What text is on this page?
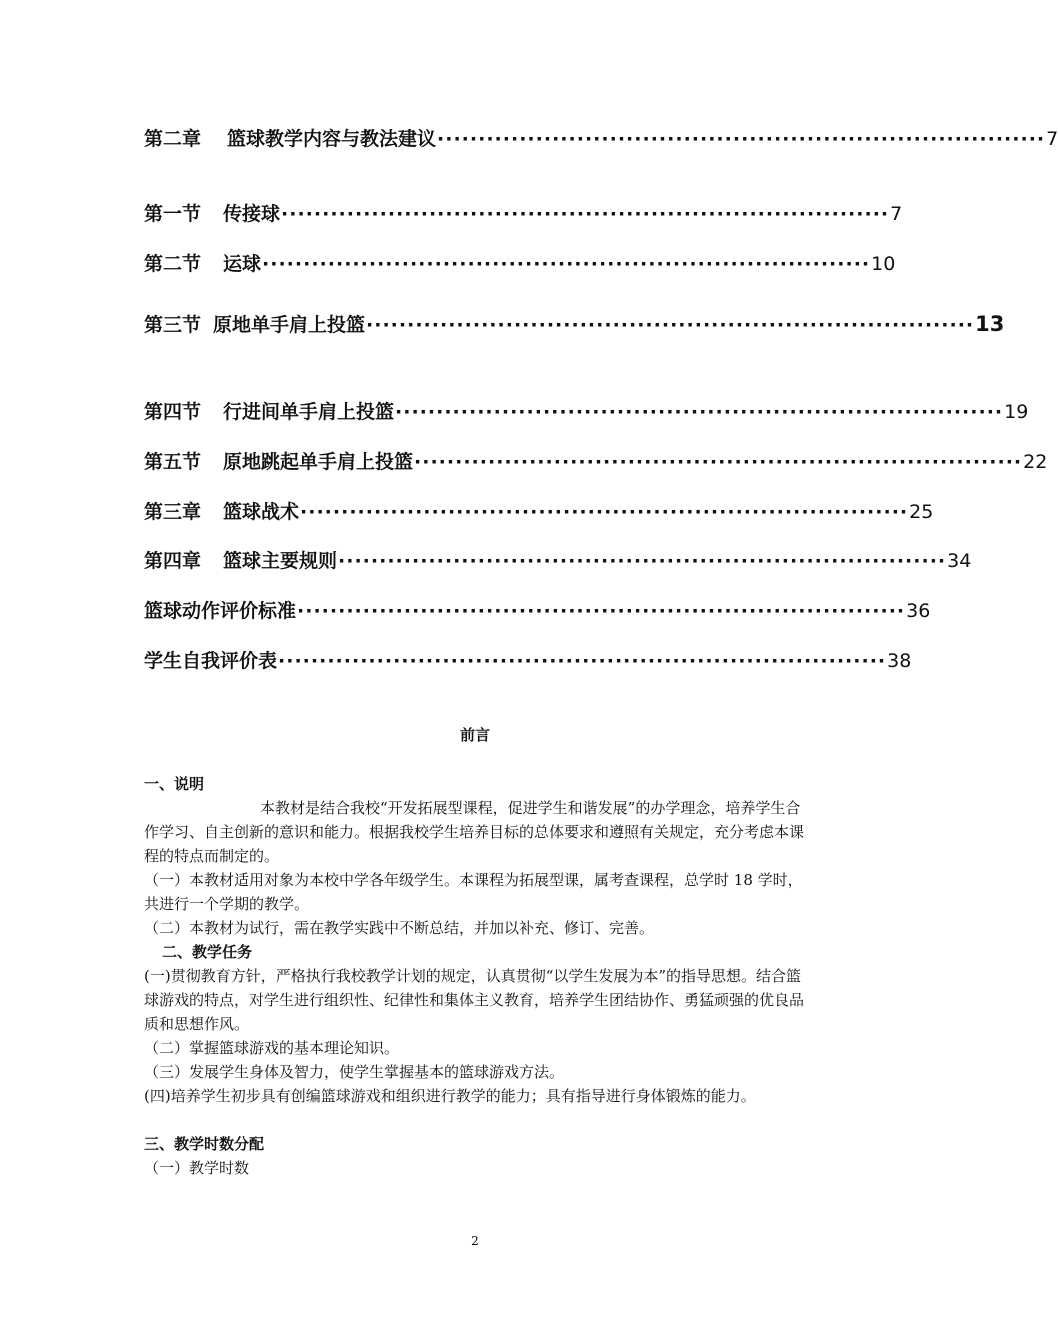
第二章 篮球教学内容与教法建议 ·········································································· 7
第一节 传接球 ·········································································· 7
第二节 运球 ·········································································· 10
第三节 原地单手肩上投篮 ·········································································· 13
第四节 行进间单手肩上投篮 ·········································································· 19
第五节 原地跳起单手肩上投篮 ·········································································· 22
第三章 篮球战术 ·········································································· 25
第四章 篮球主要规则 ·········································································· 34
篮球动作评价标准 ·········································································· 36
学生自我评价表 ·········································································· 38
前言

一、说明

本教材是结合我校“开发拓展型课程，促进学生和谐发展”的办学理念，培养学生合作学习、自主创新的意识和能力。根据我校学生培养目标的总体要求和遵照有关规定，充分考虑本课程的特点而制定的。

（一）本教材适用对象为本校中学各年级学生。本课程为拓展型课，属考查课程，总学时 18 学时，共进行一个学期的教学。

（二）本教材为试行，需在教学实践中不断总结，并加以补充、修订、完善。

二、教学任务

(一)贯彻教育方针，严格执行我校教学计划的规定，认真贯彻“以学生发展为本”的指导思想。结合篮球游戏的特点，对学生进行组织性、纪律性和集体主义教育，培养学生团结协作、勇猛顽强的优良品质和思想作风。

（二）掌握篮球游戏的基本理论知识。

（三）发展学生身体及智力，使学生掌握基本的篮球游戏方法。

(四)培养学生初步具有创编篮球游戏和组织进行教学的能力；具有指导进行身体锻炼的能力。

三、教学时数分配

（一）教学时数

2
